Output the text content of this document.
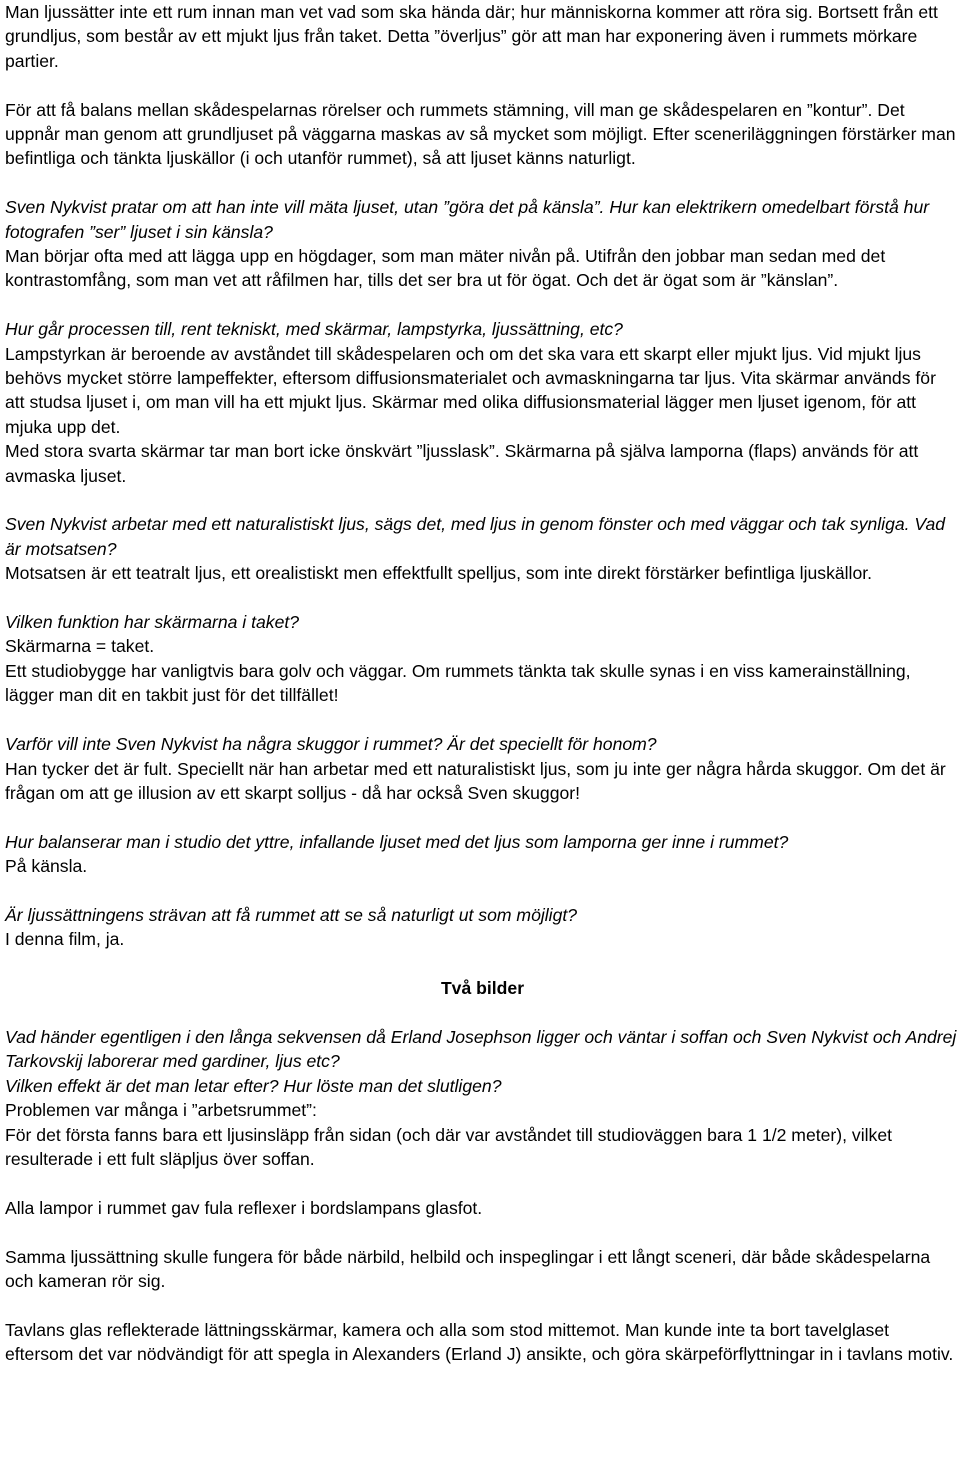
Man ljussätter inte ett rum innan man vet vad som ska hända där; hur människorna kommer att röra sig. Bortsett från ett grundljus, som består av ett mjukt ljus från taket. Detta ”överljus” gör att man har exponering även i rummets mörkare partier.

För att få balans mellan skådespelarnas rörelser och rummets stämning, vill man ge skådespelaren en ”kontur”. Det uppnår man genom att grundljuset på väggarna maskas av så mycket som möjligt. Efter sceneriläggningen förstärker man befintliga och tänkta ljuskällor (i och utanför rummet), så att ljuset känns naturligt.

Sven Nykvist pratar om att han inte vill mäta ljuset, utan ”göra det på känsla”. Hur kan elektrikern omedelbart förstå hur fotografen ”ser” ljuset i sin känsla?

Man börjar ofta med att lägga upp en högdager, som man mäter nivån på. Utifrån den jobbar man sedan med det kontrastomfång, som man vet att råfilmen har, tills det ser bra ut för ögat. Och det är ögat som är ”känslan”.

Hur går processen till, rent tekniskt, med skärmar, lampstyrka, ljussättning, etc?

Lampstyrkan är beroende av avståndet till skådespelaren och om det ska vara ett skarpt eller mjukt ljus. Vid mjukt ljus behövs mycket större lampeffekter, eftersom diffusionsmaterialet och avmaskningarna tar ljus. Vita skärmar används för att studsa ljuset i, om man vill ha ett mjukt ljus. Skärmar med olika diffusionsmaterial lägger men ljuset igenom, för att mjuka upp det.

Med stora svarta skärmar tar man bort icke önskvärt ”ljusslask”. Skärmarna på själva lamporna (flaps) används för att avmaska ljuset.

Sven Nykvist arbetar med ett naturalistiskt ljus, sägs det, med ljus in genom fönster och med väggar och tak synliga. Vad är motsatsen?

Motsatsen är ett teatralt ljus, ett orealistiskt men effektfullt spelljus, som inte direkt förstärker befintliga ljuskällor.

Vilken funktion har skärmarna i taket?

Skärmarna = taket.

Ett studiobygge har vanligtvis bara golv och väggar. Om rummets tänkta tak skulle synas i en viss kamerainställning, lägger man dit en takbit just för det tillfället!

Varför vill inte Sven Nykvist ha några skuggor i rummet? Är det speciellt för honom?

Han tycker det är fult. Speciellt när han arbetar med ett naturalistiskt ljus, som ju inte ger några hårda skuggor. Om det är frågan om att ge illusion av ett skarpt solljus - då har också Sven skuggor!

Hur balanserar man i studio det yttre, infallande ljuset med det ljus som lamporna ger inne i rummet?

På känsla.

Är ljussättningens strävan att få rummet att se så naturligt ut som möjligt?

I denna film, ja.

Två bilder

Vad händer egentligen i den långa sekvensen då Erland Josephson ligger och väntar i soffan och Sven Nykvist och Andrej Tarkovskij laborerar med gardiner, ljus etc?

Vilken effekt är det man letar efter? Hur löste man det slutligen?

Problemen var många i ”arbetsrummet”:

För det första fanns bara ett ljusinsläpp från sidan (och där var avståndet till studioväggen bara 1 1/2 meter), vilket resulterade i ett fult släpljus över soffan.

Alla lampor i rummet gav fula reflexer i bordslampans glasfot.

Samma ljussättning skulle fungera för både närbild, helbild och inspeglingar i ett långt sceneri, där både skådespelarna och kameran rör sig.

Tavlans glas reflekterade lättningsskärmar, kamera och alla som stod mittemot. Man kunde inte ta bort tavelglaset eftersom det var nödvändigt för att spegla in Alexanders (Erland J) ansikte, och göra skärpeförflyttningar in i tavlans motiv.
